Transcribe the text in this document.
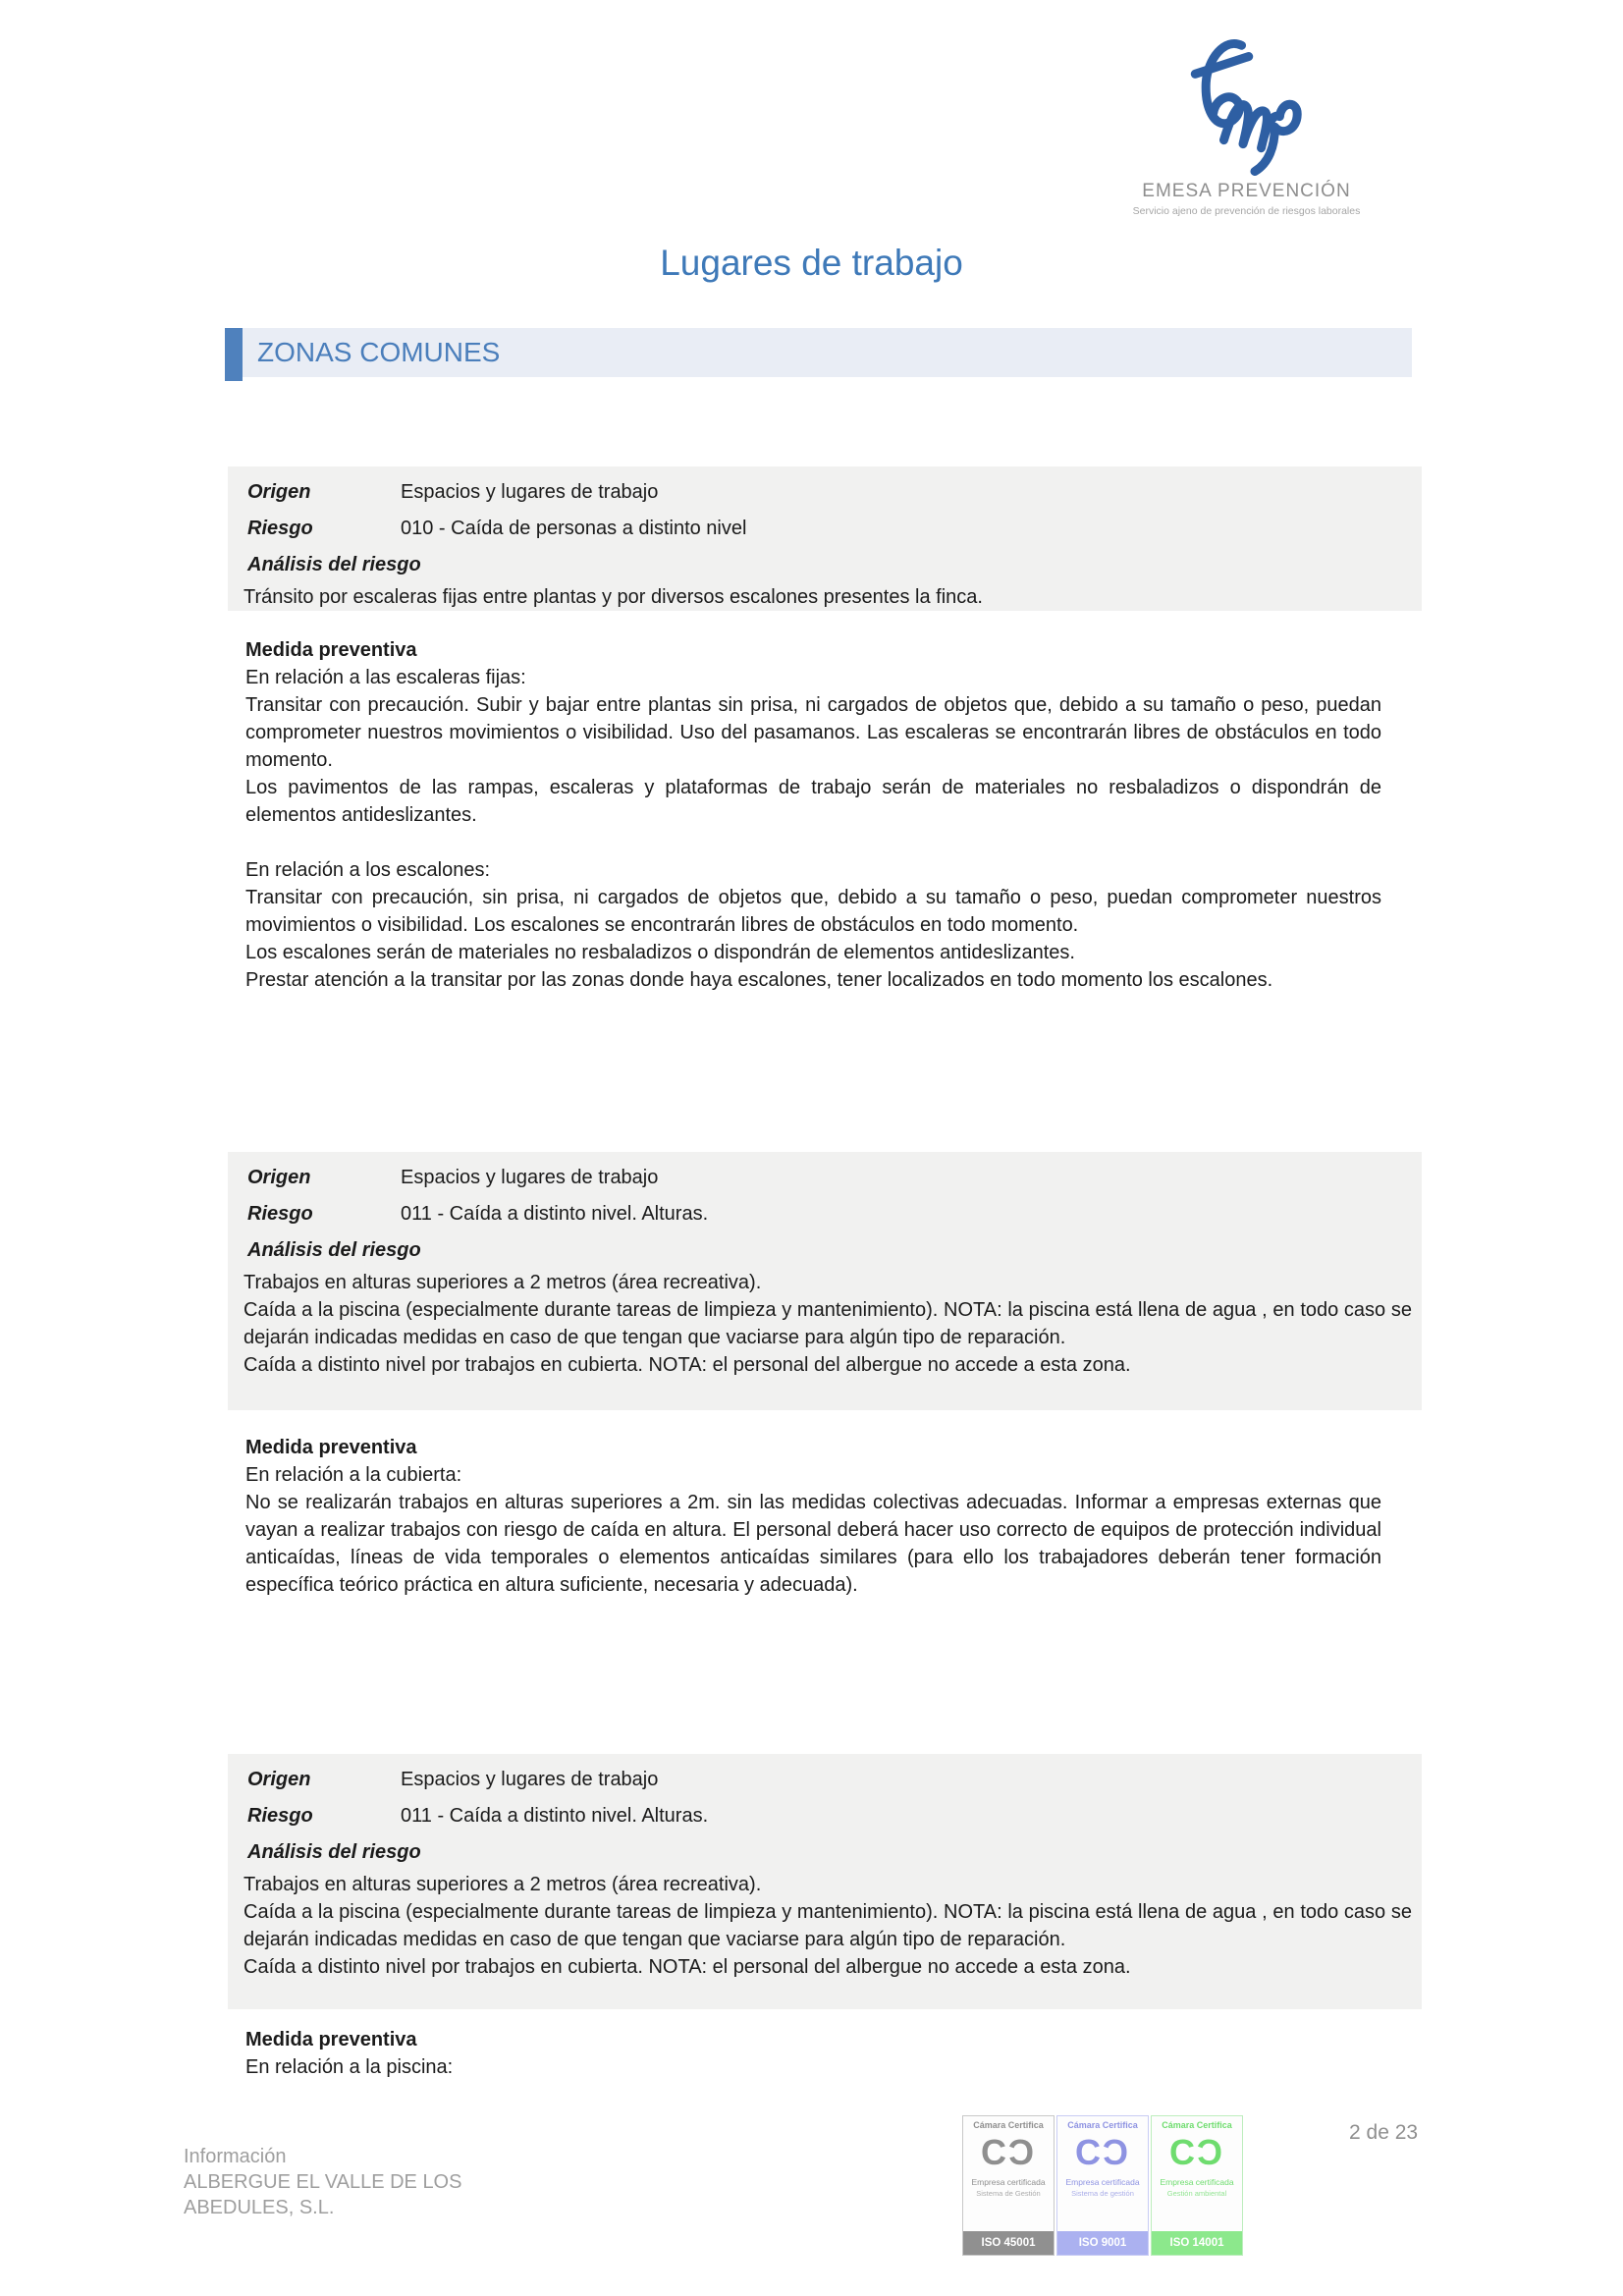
EMESA PREVENCIÓN
Servicio ajeno de prevención de riesgos laborales
Lugares de trabajo
ZONAS COMUNES
Origen	Espacios y lugares de trabajo
Riesgo	010 - Caída de personas a distinto nivel
Análisis del riesgo

Tránsito por escaleras fijas entre plantas y por diversos escalones presentes la finca.

Medida preventiva

En relación a las escaleras fijas:

Transitar con precaución. Subir y bajar entre plantas sin prisa, ni cargados de objetos que, debido a su tamaño o peso, puedan comprometer nuestros movimientos o visibilidad. Uso del pasamanos. Las escaleras se encontrarán libres de obstáculos en todo momento.

Los pavimentos de las rampas, escaleras y plataformas de trabajo serán de materiales no resbaladizos o dispondrán de elementos antideslizantes.

En relación a los escalones:

Transitar con precaución, sin prisa, ni cargados de objetos que, debido a su tamaño o peso, puedan comprometer nuestros movimientos o visibilidad. Los escalones se encontrarán libres de obstáculos en todo momento.

Los escalones serán de materiales no resbaladizos o dispondrán de elementos antideslizantes.

Prestar atención a la transitar por las zonas donde haya escalones, tener localizados en todo momento los escalones.

Origen	Espacios y lugares de trabajo
Riesgo	011 - Caída a distinto nivel. Alturas.
Análisis del riesgo

Trabajos en alturas superiores a 2 metros (área recreativa).

Caída a la piscina (especialmente durante tareas de limpieza y mantenimiento). NOTA: la piscina está llena de agua , en todo caso se dejarán indicadas medidas en caso de que tengan que vaciarse para algún tipo de reparación.

Caída a distinto nivel por trabajos en cubierta. NOTA: el personal del albergue no accede a esta zona.

Medida preventiva

En relación a la cubierta:

No se realizarán trabajos en alturas superiores a 2m. sin las medidas colectivas adecuadas. Informar a empresas externas que vayan a realizar trabajos con riesgo de caída en altura. El personal deberá hacer uso correcto de equipos de protección individual anticaídas, líneas de vida temporales o elementos anticaídas similares (para ello los trabajadores deberán tener formación específica teórico práctica en altura suficiente, necesaria y adecuada).

Origen	Espacios y lugares de trabajo
Riesgo	011 - Caída a distinto nivel. Alturas.
Análisis del riesgo

Trabajos en alturas superiores a 2 metros (área recreativa).

Caída a la piscina (especialmente durante tareas de limpieza y mantenimiento). NOTA: la piscina está llena de agua , en todo caso se dejarán indicadas medidas en caso de que tengan que vaciarse para algún tipo de reparación.

Caída a distinto nivel por trabajos en cubierta. NOTA: el personal del albergue no accede a esta zona.

Medida preventiva

En relación a la piscina:

Información
ALBERGUE EL VALLE DE LOS
ABEDULES, S.L.
Cámara Certifica
CƆ
Empresa certificada
Sistema de Gestión
ISO 45001
Cámara Certifica
CƆ
Empresa certificada
Sistema de gestión
ISO 9001
Cámara Certifica
CƆ
Empresa certificada
Gestión ambiental
ISO 14001
2 de 23
